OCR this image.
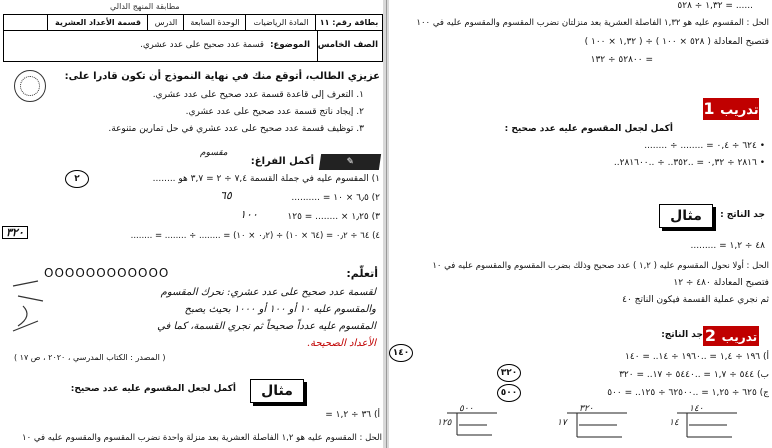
مطابقة المنهج الدالي
بطاقة رقم: ١١
المادة الرياضيات
الوحدة السابعة
الدرس
قسمة الأعداد العشرية
الصف الخامس
الموضوع:
قسمة عدد صحيح على عدد عشري.
عزيزي الطالب، أتوقع منك في نهاية النموذج أن تكون قادرا على:
١. التعرف إلى قاعدة قسمة عدد صحيح على عدد عشري.
٢. إيجاد ناتج قسمة عدد صحيح على عدد عشري.
٣. توظيف قسمة عدد صحيح على عدد عشري في حل تمارين متنوعة.
✎
أكمل الفراغ:
مقسوم
١) المقسوم عليه في جملة القسمة ٧,٤ ÷ ٢ = ٣,٧ هو ........
٢
٢) ٦٫٥ × ١٠ = ..........
٦٥
٣) ١٫٢٥ × ........ = ١٢٥
١٠٠
٤) ٦٤ ÷ ٠٫٢ = (٦٤ × ١٠) ÷ (٠٫٢ × ١٠) = ........ ÷ ........ = ........
٣٢٠
OOOOOOOOOOOO	أتعلّم:
لقسمة عدد صحيح على عدد عشري: نحرك المقسوم
والمقسوم عليه ١٠ أو ١٠٠ أو ١٠٠٠ بحيث يصبح
المقسوم عليه عدداً صحيحاً ثم نجري القسمة، كما في
الأعداد الصحيحة.
( المصدر : الكتاب المدرسي ، ٢٠٢٠ ، ص ١٧ )
مثال
أكمل لجعل المقسوم عليه عدد صحيح:
أ) ٣٦ ÷ ١,٢ =
الحل : المقسوم عليه هو ١,٢ الفاصلة العشرية بعد منزلة واحدة نضرب المقسوم والمقسوم عليه في ١٠
...... = ١,٣٢ ÷ ٥٢٨
الحل : المقسوم عليه هو ١,٣٢ الفاصلة العشرية بعد منزلتان نضرب المقسوم والمقسوم عليه في ١٠٠
فتصبح المعادلة ( ٥٢٨ × ١٠٠ ) ÷ ( ١,٣٢ × ١٠٠ )
= ٥٢٨٠٠ ÷ ١٣٢
تدريب 1
أكمل لجعل المقسوم عليه عدد صحيح :
• ٦٢٤ ÷ ٠,٤ = ........ ÷ ........
• ٢٨١٦ ÷ ٠,٣٢ = ..٣٥٢.. ÷ ..٢٨١٦٠٠..
مثال	جد الناتج :
٤٨ ÷ ١,٢ = .........
الحل : أولا نحول المقسوم عليه ( ١,٢ ) عدد صحيح وذلك بضرب المقسوم والمقسوم عليه في ١٠
فتصبح المعادلة ٤٨٠ ÷ ١٢
ثم نجري عملية القسمة فيكون الناتج ٤٠
تدريب 2
جد الناتج:
أ) ١٩٦ ÷ ١,٤ = ..١٩٦٠ ÷ ١٤.. = ١٤٠
١٤٠
ب) ٥٤٤ ÷ ١,٧ = ..٥٤٤٠ ÷ ١٧.. = ٣٢٠
٣٢٠
ج) ٦٢٥ ÷ ١,٢٥ = ..٦٢٥٠٠ ÷ ١٢٥.. = ٥٠٠
٥٠٠
٥٠٠
١٢٥
٣٢٠
١٧
١٤٠
١٤
